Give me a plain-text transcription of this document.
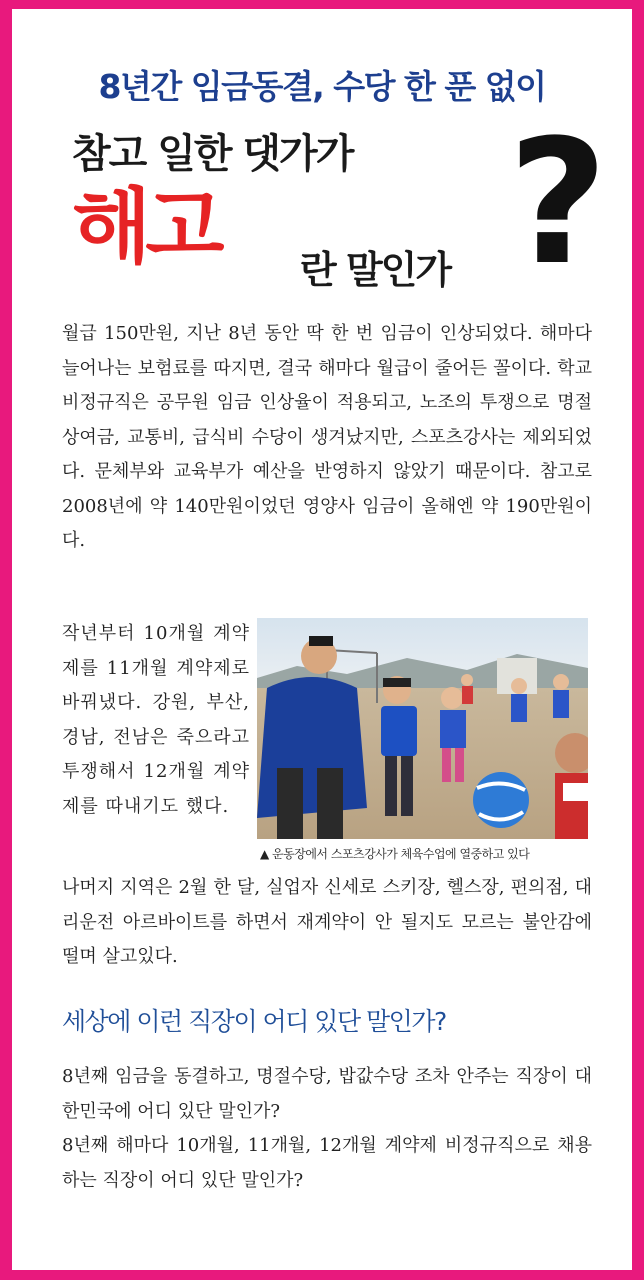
8년간 임금동결, 수당 한 푼 없이
참고 일한 댓가가
해고 란 말인가 ?

월급 150만원, 지난 8년 동안 딱 한 번 임금이 인상되었다. 해마다 늘어나는 보험료를 따지면, 결국 해마다 월급이 줄어든 꼴이다. 학교비정규직은 공무원 임금 인상율이 적용되고, 노조의 투쟁으로 명절상여금, 교통비, 급식비 수당이 생겨났지만, 스포츠강사는 제외되었다. 문체부와 교육부가 예산을 반영하지 않았기 때문이다. 참고로 2008년에 약 140만원이었던 영양사 임금이 올해엔 약 190만원이다.

작년부터 10개월 계약제를 11개월 계약제로 바꿔냈다. 강원, 부산, 경남, 전남은 죽으라고 투쟁해서 12개월 계약제를 따내기도 했다.

▲ 운동장에서 스포츠강사가 체육수업에 열중하고 있다

나머지 지역은 2월 한 달, 실업자 신세로 스키장, 헬스장, 편의점, 대리운전 아르바이트를 하면서 재계약이 안 될지도 모르는 불안감에 떨며 살고있다.

세상에 이런 직장이 어디 있단 말인가?

8년째 임금을 동결하고, 명절수당, 밥값수당 조차 안주는 직장이 대한민국에 어디 있단 말인가?
8년째 해마다 10개월, 11개월, 12개월 계약제 비정규직으로 채용하는 직장이 어디 있단 말인가?
